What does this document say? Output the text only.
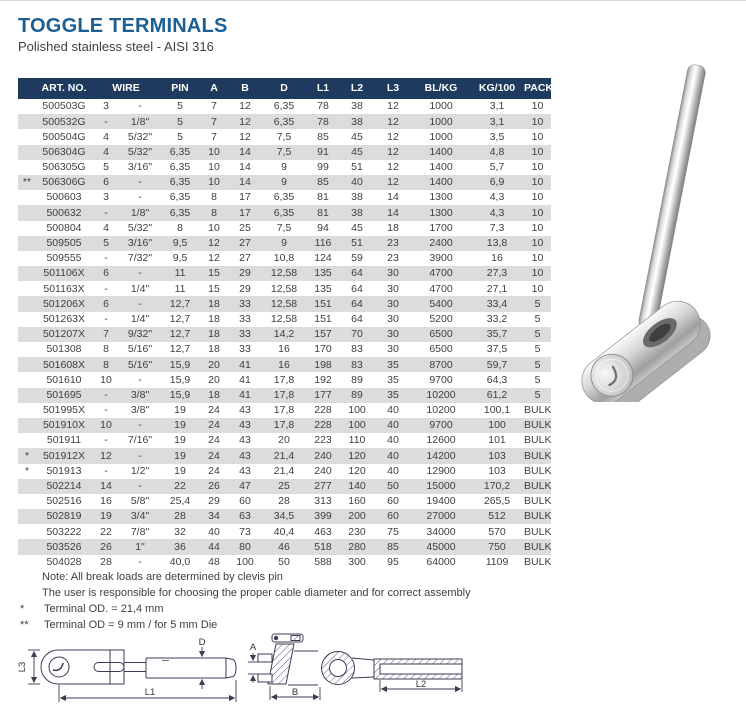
TOGGLE TERMINALS
Polished stainless steel - AISI 316
	ART. NO.	WIRE		PIN	A	B	D	L1	L2	L3	BL/KG	KG/100	PACK
	500503G	3	-	5	7	12	6,35	78	38	12	1000	3,1	10
	500532G	-	1/8"	5	7	12	6,35	78	38	12	1000	3,1	10
	500504G	4	5/32"	5	7	12	7,5	85	45	12	1000	3,5	10
	506304G	4	5/32"	6,35	10	14	7,5	91	45	12	1400	4,8	10
	506305G	5	3/16"	6,35	10	14	9	99	51	12	1400	5,7	10
**	506306G	6	-	6,35	10	14	9	85	40	12	1400	6,9	10
	500603	3	-	6,35	8	17	6,35	81	38	14	1300	4,3	10
	500632	-	1/8"	6,35	8	17	6,35	81	38	14	1300	4,3	10
	500804	4	5/32"	8	10	25	7,5	94	45	18	1700	7,3	10
	509505	5	3/16"	9,5	12	27	9	116	51	23	2400	13,8	10
	509555	-	7/32"	9,5	12	27	10,8	124	59	23	3900	16	10
	501106X	6	-	11	15	29	12,58	135	64	30	4700	27,3	10
	501163X	-	1/4"	11	15	29	12,58	135	64	30	4700	27,1	10
	501206X	6	-	12,7	18	33	12,58	151	64	30	5400	33,4	5
	501263X	-	1/4"	12,7	18	33	12,58	151	64	30	5200	33,2	5
	501207X	7	9/32"	12,7	18	33	14,2	157	70	30	6500	35,7	5
	501308	8	5/16"	12,7	18	33	16	170	83	30	6500	37,5	5
	501608X	8	5/16"	15,9	20	41	16	198	83	35	8700	59,7	5
	501610	10	-	15,9	20	41	17,8	192	89	35	9700	64,3	5
	501695	-	3/8"	15,9	18	41	17,8	177	89	35	10200	61,2	5
	501995X	-	3/8"	19	24	43	17,8	228	100	40	10200	100,1	BULK
	501910X	10	-	19	24	43	17,8	228	100	40	9700	100	BULK
	501911	-	7/16"	19	24	43	20	223	110	40	12600	101	BULK
*	501912X	12	-	19	24	43	21,4	240	120	40	14200	103	BULK
*	501913	-	1/2"	19	24	43	21,4	240	120	40	12900	103	BULK
	502214	14	-	22	26	47	25	277	140	50	15000	170,2	BULK
	502516	16	5/8"	25,4	29	60	28	313	160	60	19400	265,5	BULK
	502819	19	3/4"	28	34	63	34,5	399	200	60	27000	512	BULK
	503222	22	7/8"	32	40	73	40,4	463	230	75	34000	570	BULK
	503526	26	1"	36	44	80	46	518	280	85	45000	750	BULK
	504028	28	-	40,0	48	100	50	588	300	95	64000	1109	BULK
Note: All break loads are determined by clevis pin
The user is responsible for choosing the proper cable diameter and for correct assembly
*	Terminal OD. = 21,4 mm
**	Terminal OD = 9 mm / for 5 mm Die
L3
D
L1
A
B
L2
